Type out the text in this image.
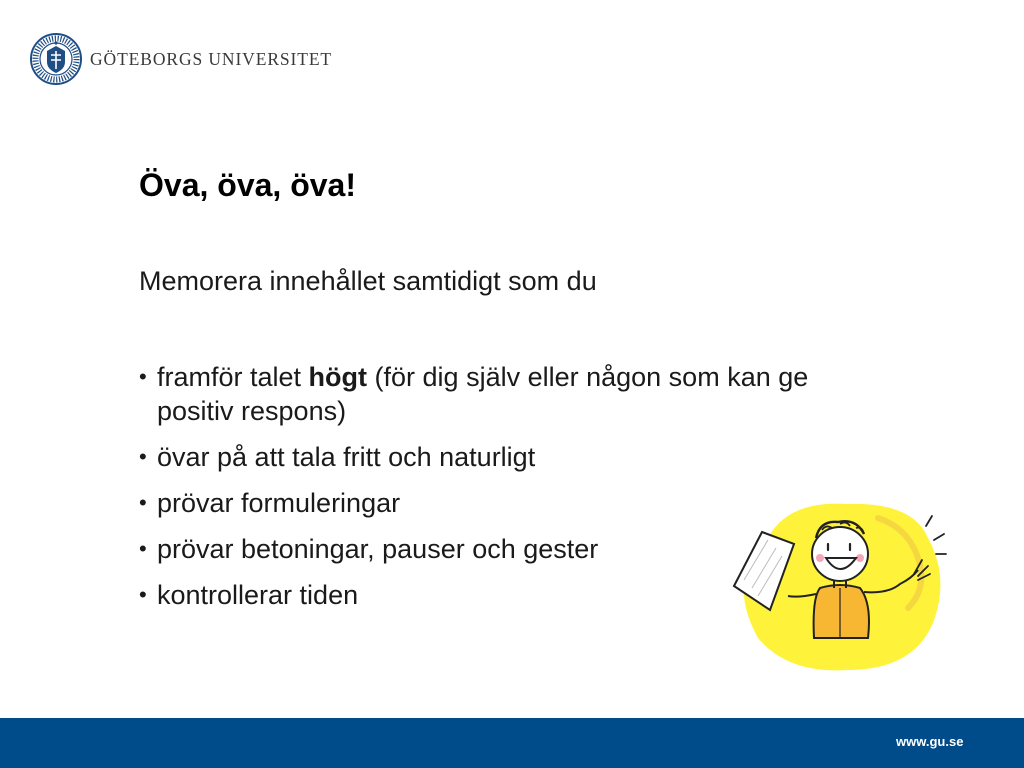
GÖTEBORGS UNIVERSITET
Öva, öva, öva!

Memorera innehållet samtidigt som du

• framför talet högt (för dig själv eller någon som kan ge positiv respons)
• övar på att tala fritt och naturligt
• prövar formuleringar
• prövar betoningar, pauser och gester
• kontrollerar tiden
www.gu.se
